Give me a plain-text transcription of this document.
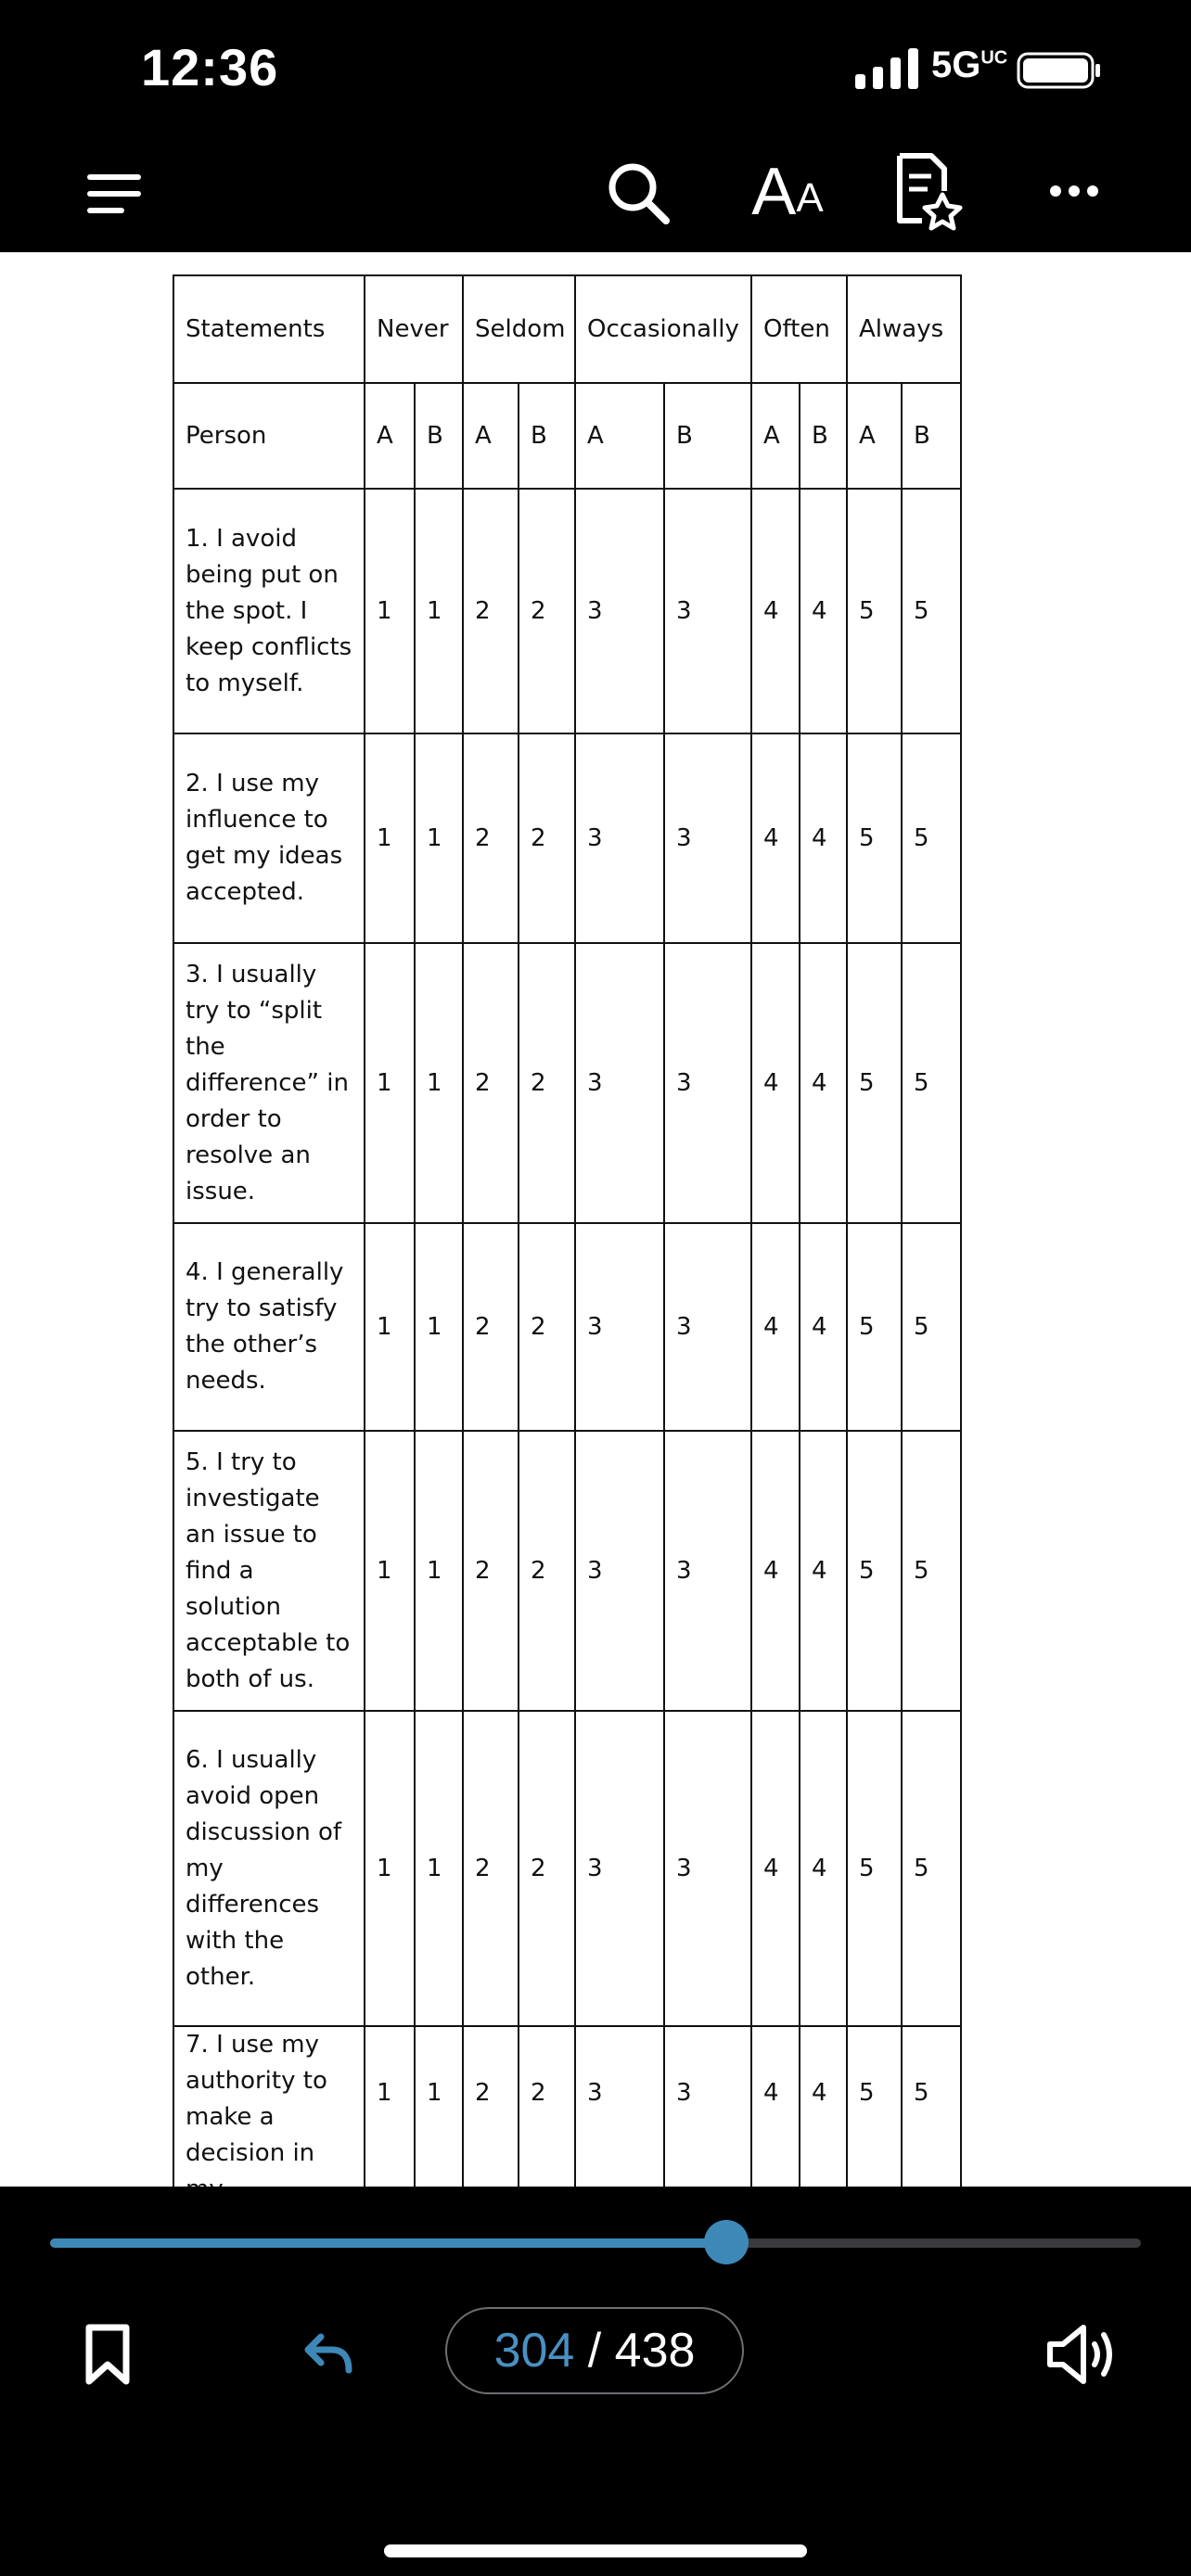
12:36	$5G^{UC}$
A A
Statements	Never		Seldom		Occasionally		Often		Always	
Person	A	B	A	B	A	B	A	B	A	B
1. I avoid being put on the spot. I keep conflicts to myself.	1	1	2	2	3	3	4	4	5	5
2. I use my influence to get my ideas accepted.	1	1	2	2	3	3	4	4	5	5
3. I usually try to “split the difference” in order to resolve an issue.	1	1	2	2	3	3	4	4	5	5
4. I generally try to satisfy the other’s needs.	1	1	2	2	3	3	4	4	5	5
5. I try to investigate an issue to find a solution acceptable to both of us.	1	1	2	2	3	3	4	4	5	5
6. I usually avoid open discussion of my differences with the other.	1	1	2	2	3	3	4	4	5	5
7. I use my authority to make a decision in	1	1	2	2	3	3	4	4	5	5
304 / 438
